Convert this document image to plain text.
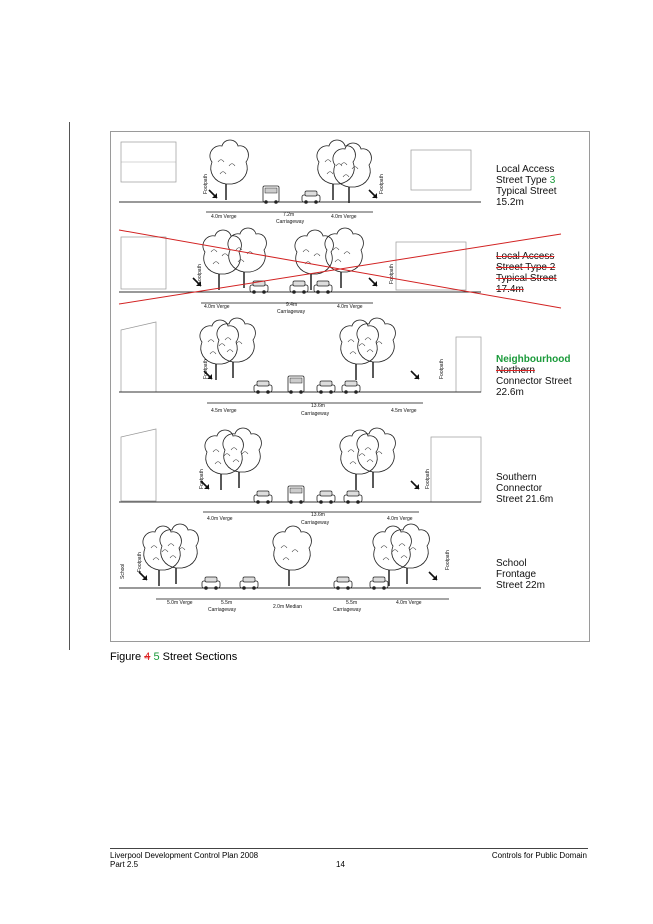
4.0m Verge	7.2m
Carriageway
4.0m Verge
Footpath	Footpath
4.0m Verge	9.4m
Carriageway
4.0m Verge
Footpath	Footpath
4.5m Verge
13.6m
Carriageway	4.5m Verge
Footpath	Footpath
4.0m Verge
13.6m
Carriageway
4.0m Verge
Footpath	Footpath
5.0m Verge	5.5m
Carriageway	2.0m Median
5.5m
Carriageway
4.0m Verge
School Footpath	Footpath
Local Access
Street Type 3
Typical Street
15.2m
Local Access
Street Type 2
Typical Street
17.4m
Neighbourhood
Northern
Connector Street
22.6m
Southern
Connector
Street 21.6m
School
Frontage
Street 22m
Figure 4 5 Street Sections
Liverpool Development Control Plan 2008
Part 2.5	14
Controls for Public Domain
